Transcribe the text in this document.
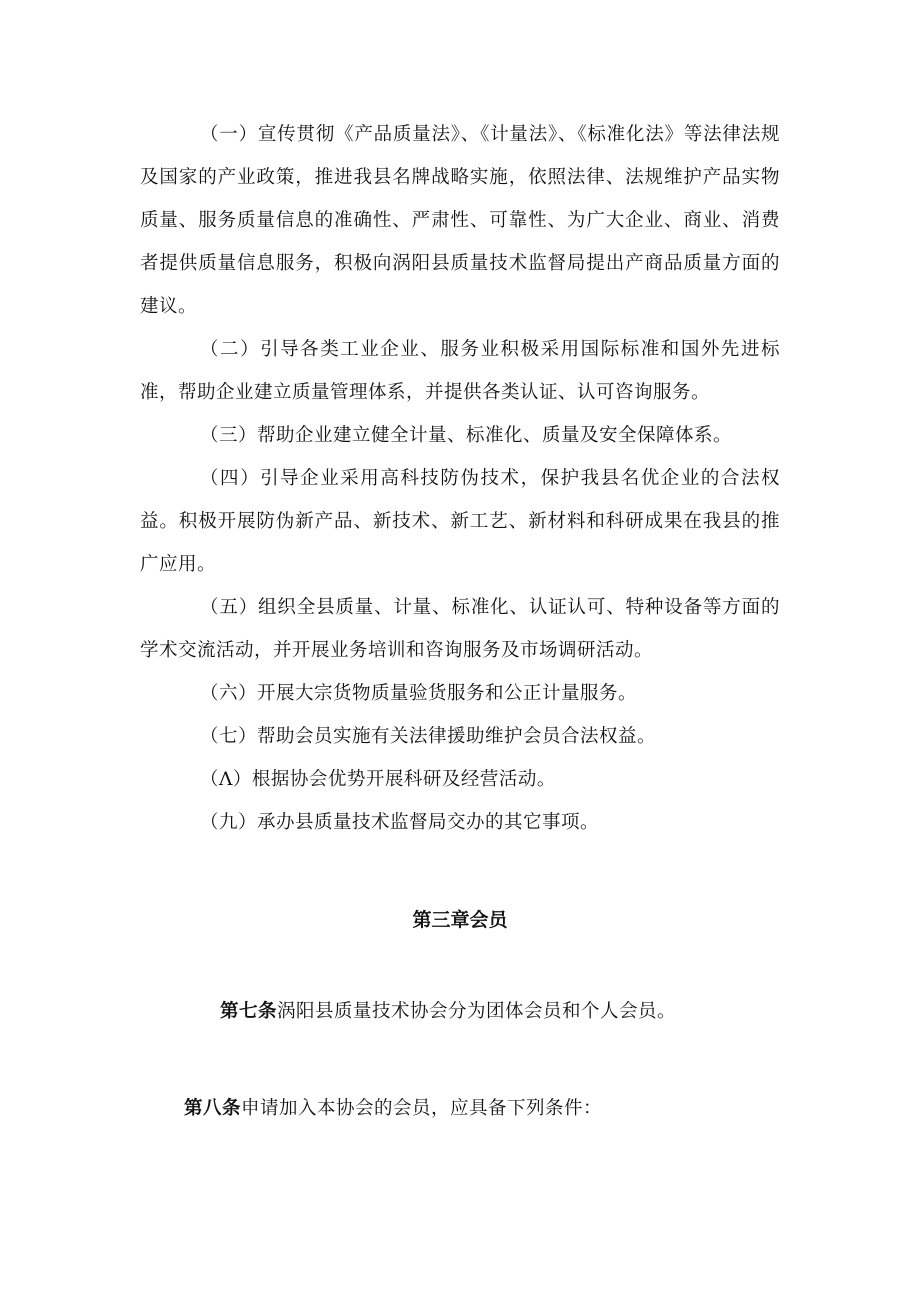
（一）宣传贯彻《产品质量法》、《计量法》、《标准化法》等法律法规及国家的产业政策，推进我县名牌战略实施，依照法律、法规维护产品实物质量、服务质量信息的准确性、严肃性、可靠性、为广大企业、商业、消费者提供质量信息服务，积极向涡阳县质量技术监督局提出产商品质量方面的建议。

（二）引导各类工业企业、服务业积极采用国际标准和国外先进标准，帮助企业建立质量管理体系，并提供各类认证、认可咨询服务。

（三）帮助企业建立健全计量、标准化、质量及安全保障体系。

（四）引导企业采用高科技防伪技术，保护我县名优企业的合法权益。积极开展防伪新产品、新技术、新工艺、新材料和科研成果在我县的推广应用。

（五）组织全县质量、计量、标准化、认证认可、特种设备等方面的学术交流活动，并开展业务培训和咨询服务及市场调研活动。

（六）开展大宗货物质量验货服务和公正计量服务。

（七）帮助会员实施有关法律援助维护会员合法权益。

（Λ）根据协会优势开展科研及经营活动。

（九）承办县质量技术监督局交办的其它事项。

第三章会员

第七条涡阳县质量技术协会分为团体会员和个人会员。

第八条申请加入本协会的会员，应具备下列条件：
